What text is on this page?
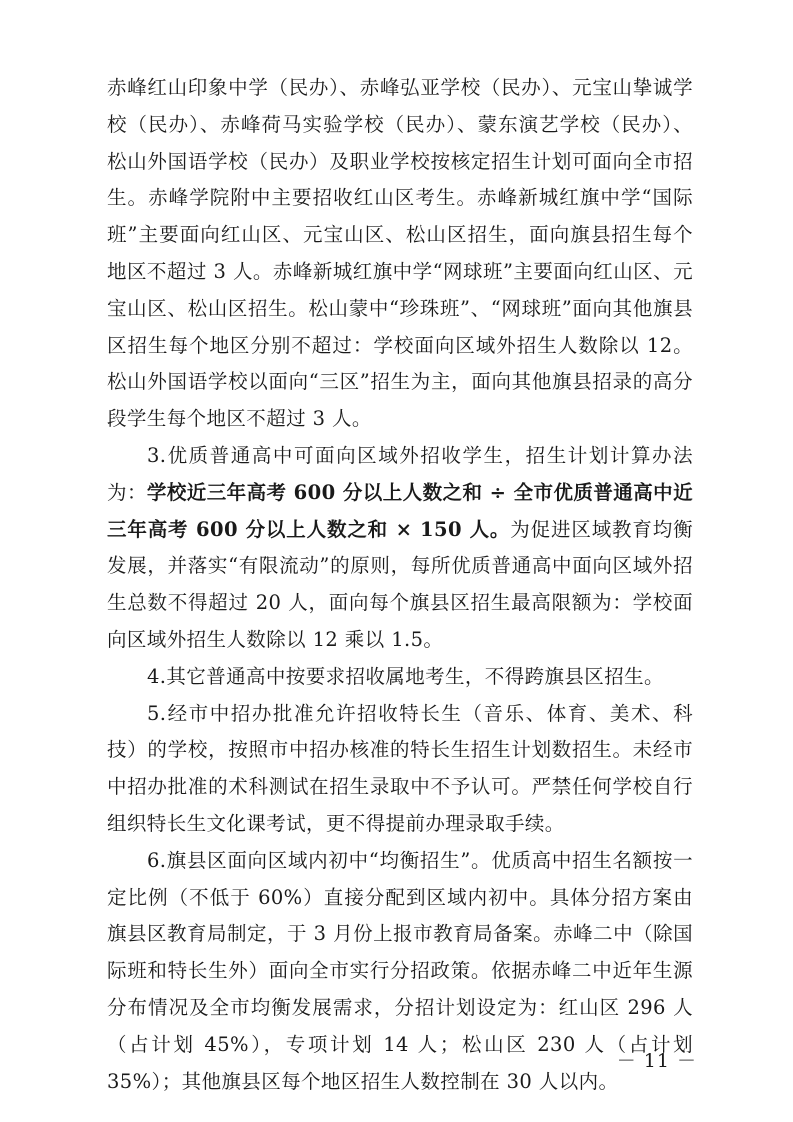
赤峰红山印象中学（民办）、赤峰弘亚学校（民办）、元宝山挚诚学校（民办）、赤峰荷马实验学校（民办）、蒙东演艺学校（民办）、松山外国语学校（民办）及职业学校按核定招生计划可面向全市招生。赤峰学院附中主要招收红山区考生。赤峰新城红旗中学“国际班”主要面向红山区、元宝山区、松山区招生，面向旗县招生每个地区不超过 3 人。赤峰新城红旗中学“网球班”主要面向红山区、元宝山区、松山区招生。松山蒙中“珍珠班”、“网球班”面向其他旗县区招生每个地区分别不超过：学校面向区域外招生人数除以 12。松山外国语学校以面向“三区”招生为主，面向其他旗县招录的高分段学生每个地区不超过 3 人。

3.优质普通高中可面向区域外招收学生，招生计划计算办法为：学校近三年高考 600 分以上人数之和 ÷ 全市优质普通高中近三年高考 600 分以上人数之和 × 150 人。为促进区域教育均衡发展，并落实“有限流动”的原则，每所优质普通高中面向区域外招生总数不得超过 20 人，面向每个旗县区招生最高限额为：学校面向区域外招生人数除以 12 乘以 1.5。

4.其它普通高中按要求招收属地考生，不得跨旗县区招生。

5.经市中招办批准允许招收特长生（音乐、体育、美术、科技）的学校，按照市中招办核准的特长生招生计划数招生。未经市中招办批准的术科测试在招生录取中不予认可。严禁任何学校自行组织特长生文化课考试，更不得提前办理录取手续。

6.旗县区面向区域内初中“均衡招生”。优质高中招生名额按一定比例（不低于 60%）直接分配到区域内初中。具体分招方案由旗县区教育局制定，于 3 月份上报市教育局备案。赤峰二中（除国际班和特长生外）面向全市实行分招政策。依据赤峰二中近年生源分布情况及全市均衡发展需求，分招计划设定为：红山区 296 人（占计划 45%），专项计划 14 人；松山区 230 人（占计划 35%）；其他旗县区每个地区招生人数控制在 30 人以内。

－ 11 －
